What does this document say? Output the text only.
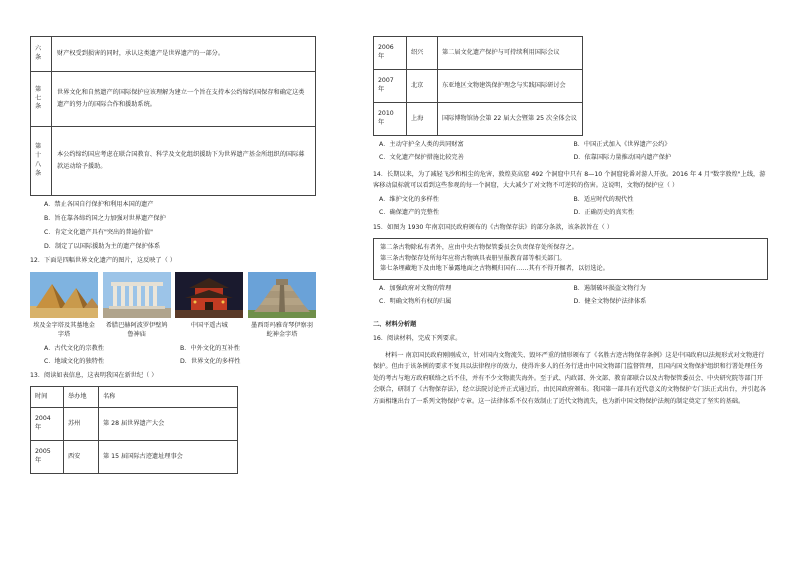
六
条	财产权受到损害的同时，承认这类遗产是世界遗产的一部分。
第
七
条	世界文化和自然遗产的国际保护应该理解为建立一个旨在支持本公约缔约国保存和确定这类遗产的努力的国际合作和援助系统。
第
十
八
条	本公约缔约国应考虑在联合国教育、科学及文化组织援助下为世界遗产基金所组织的国际募款运动给予援助。
A．禁止各国自行保护和利用本国的遗产
B．旨在靠各缔约国之力加强对世界遗产保护
C．肯定文化遗产具有"突出的普遍价值"
D．制定了以国际援助为主的遗产保护体系
12．下面是四幅世界文化遗产的图片，这反映了（ ）
埃及金字塔及其墓地金字塔
希腊巴赫阿波罗伊壁鸠鲁神庙
中国平遥古城	墨西哥玛雅奇琴伊察羽蛇神金字塔
A．古代文化的宗教性	B．中外文化的互补性
C．地域文化的独特性	D．世界文化的多样性
13．阅读如表信息，这表明我国在新世纪（ ）
时间	举办地	名称
2004
年	苏州	第 28 届世界遗产大会
2005
年	西安	第 15 届国际古迹遗址理事会
2006
年	绍兴	第二届文化遗产保护与可持续利用国际会议
2007
年	北京	东亚地区文物建筑保护理念与实践国际研讨会
2010
年	上海	国际博物馆协会第 22 届大会暨第 25 次全体会议
A．主动守护全人类的共同财富	B．中国正式加入《世界遗产公约》
C．文化遗产保护措施比较完善	D．依靠国际力量推动国内遗产保护
14．长期以来，为了减轻飞沙和相尘的危害，敦煌莫高窟 492 个洞窟中只有 8—10 个洞窟轮番对游人开放。2016 年 4 月"数字敦煌"上线，游客移动鼠标就可以看到这些参观的每一个洞窟，大大减少了对文物不可逆转的伤害。这说明，文物的保护应（ ）
A．维护文化的多样性	B．适应时代的现代性
C．确保遗产的完整性	D．正确历史的真实性
15．如图为 1930 年南京国民政府颁布的《古物保存法》的部分条款，该条款旨在（ ）
第二条古物除私有者外，应由中央古物保管委员会负责保存处所保存之。
第三条古物保存处所每年应将古物填具表册呈报教育部等相关部门。
第七条埋藏地下及由地下暴露地面之古物概归国有……其有不得开掘者，以衍选论。
A．加强政府对文物的管理	B．遏制破坏损盗文物行为
C．明确文物所有权的归属	D．健全文物保护法律体系
二、材料分析题
16．阅读材料，完成下列要求。
材料一 南京国民政府刚刚成立，针对国内文物流失、毁坏严重的情形颁布了《名胜古迹古物保存条例》这是中国政府以法规形式对文物进行保护。但由于该条例的要求不复具以法律程序的效力，使得许多人的任务行进由中国文物部门监督管理，且国内国文物保护组织和行署处理任务处的考古与地方政府联络之后不佳，并有不少文物流失海外。至于武、内政部、外文部、教育部联合以及古物保管委员会、中央研究院等部门开会联合，研制了《古物保存法》，经立法院讨论并正式通过后，由民国政府颁布。我国第一部具有近代意义的文物保护专门法正式出台，并引起各方面相继出台了一系列文物保护专章。这一法律体系不仅有效制止了近代文物流失，也为新中国文物保护法规的制定奠定了坚实的基础。
